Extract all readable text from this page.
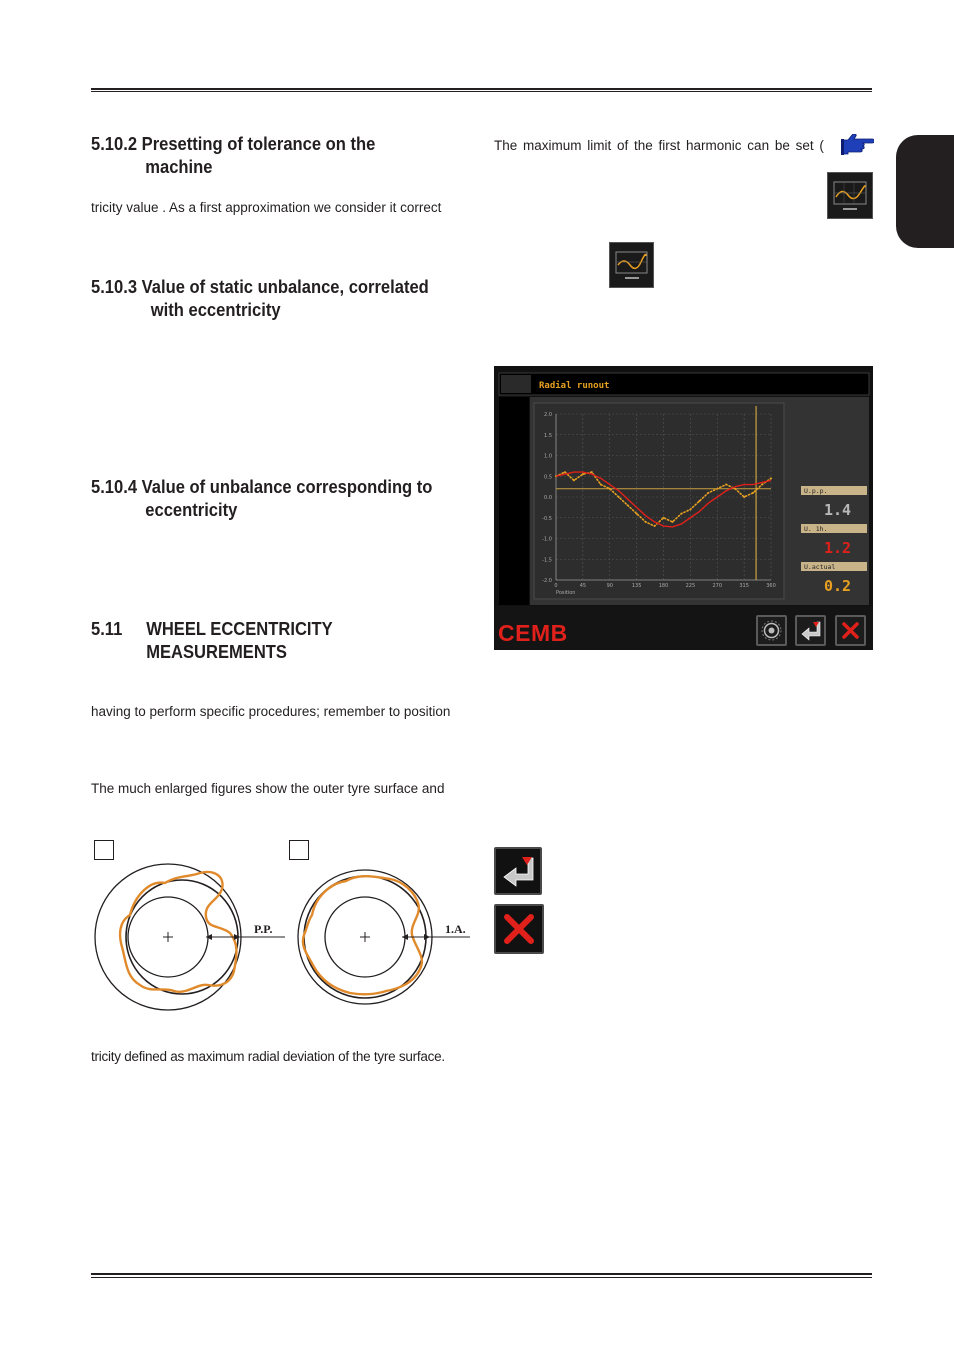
5.10.2 Presetting of tolerance on the
machine

tricity value . As a first approximation we consider it correct

5.10.3 Value of static unbalance, correlated
with eccentricity
5.10.4 Value of unbalance corresponding to
eccentricity
5.11 WHEEL ECCENTRICITY
MEASUREMENTS

having to perform specific procedures; remember to position

The much enlarged figures show the outer tyre surface and

tricity defined as maximum radial deviation of the tyre surface.

P.P.	1.A.

The maximum limit of the first harmonic can be set (

Radial runout
2.0
1.5
1.0
0.5
0.0
-0.5
-1.0
-1.5
-2.0
0	45	90	135	180	225	270	315	360
Position
U.p.p.
1.4
U. 1h.
1.2
U.actual
0.2
CEMB
